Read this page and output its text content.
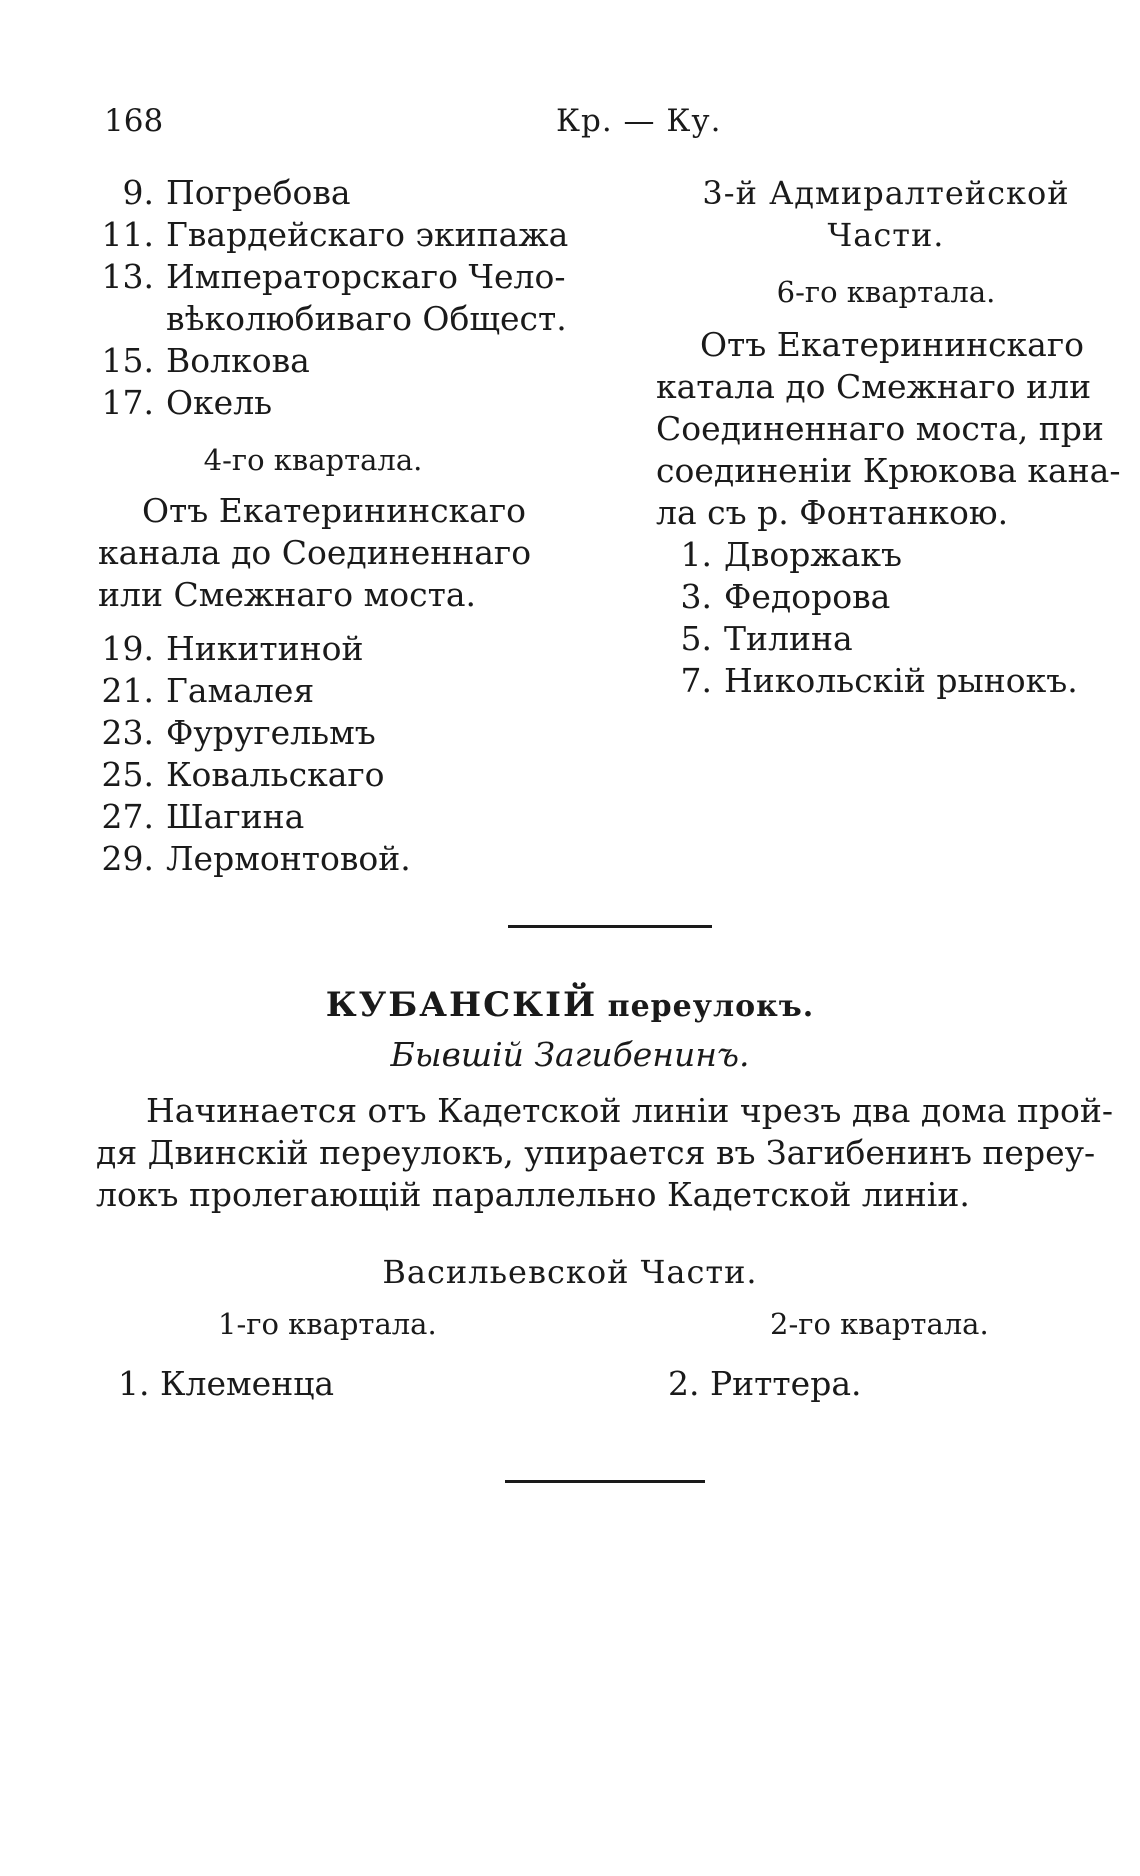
168	Кр. — Ку.
9. Погребова
11. Гвардейскаго экипажа
13. Императорскаго Чело-
вѣколюбиваго Общест.
15. Волкова
17. Окель
4-го квартала.
Отъ Екатерининскаго
канала до Соединеннаго
или Смежнаго моста.
19. Никитиной
21. Гамалея
23. Фуругельмъ
25. Ковальскаго
27. Шагина
29. Лермонтовой.
3-й Адмиралтейской
Части.
6-го квартала.
Отъ Екатерининскаго
катала до Смежнаго или
Соединеннаго моста, при
соединенiи Крюкова кана-
ла съ р. Фонтанкою.
1. Дворжакъ
3. Федорова
5. Тилина
7. Никольскiй рынокъ.
КУБАНСКIЙ переулокъ.
Бывшiй Загибенинъ.
Начинается отъ Кадетской линiи чрезъ два дома прой-
дя Двинскiй переулокъ, упирается въ Загибенинъ переу-
локъ пролегающiй параллельно Кадетской линiи.
Васильевской Части.
1-го квартала.	2-го квартала.
1. Клеменца	2. Риттера.
